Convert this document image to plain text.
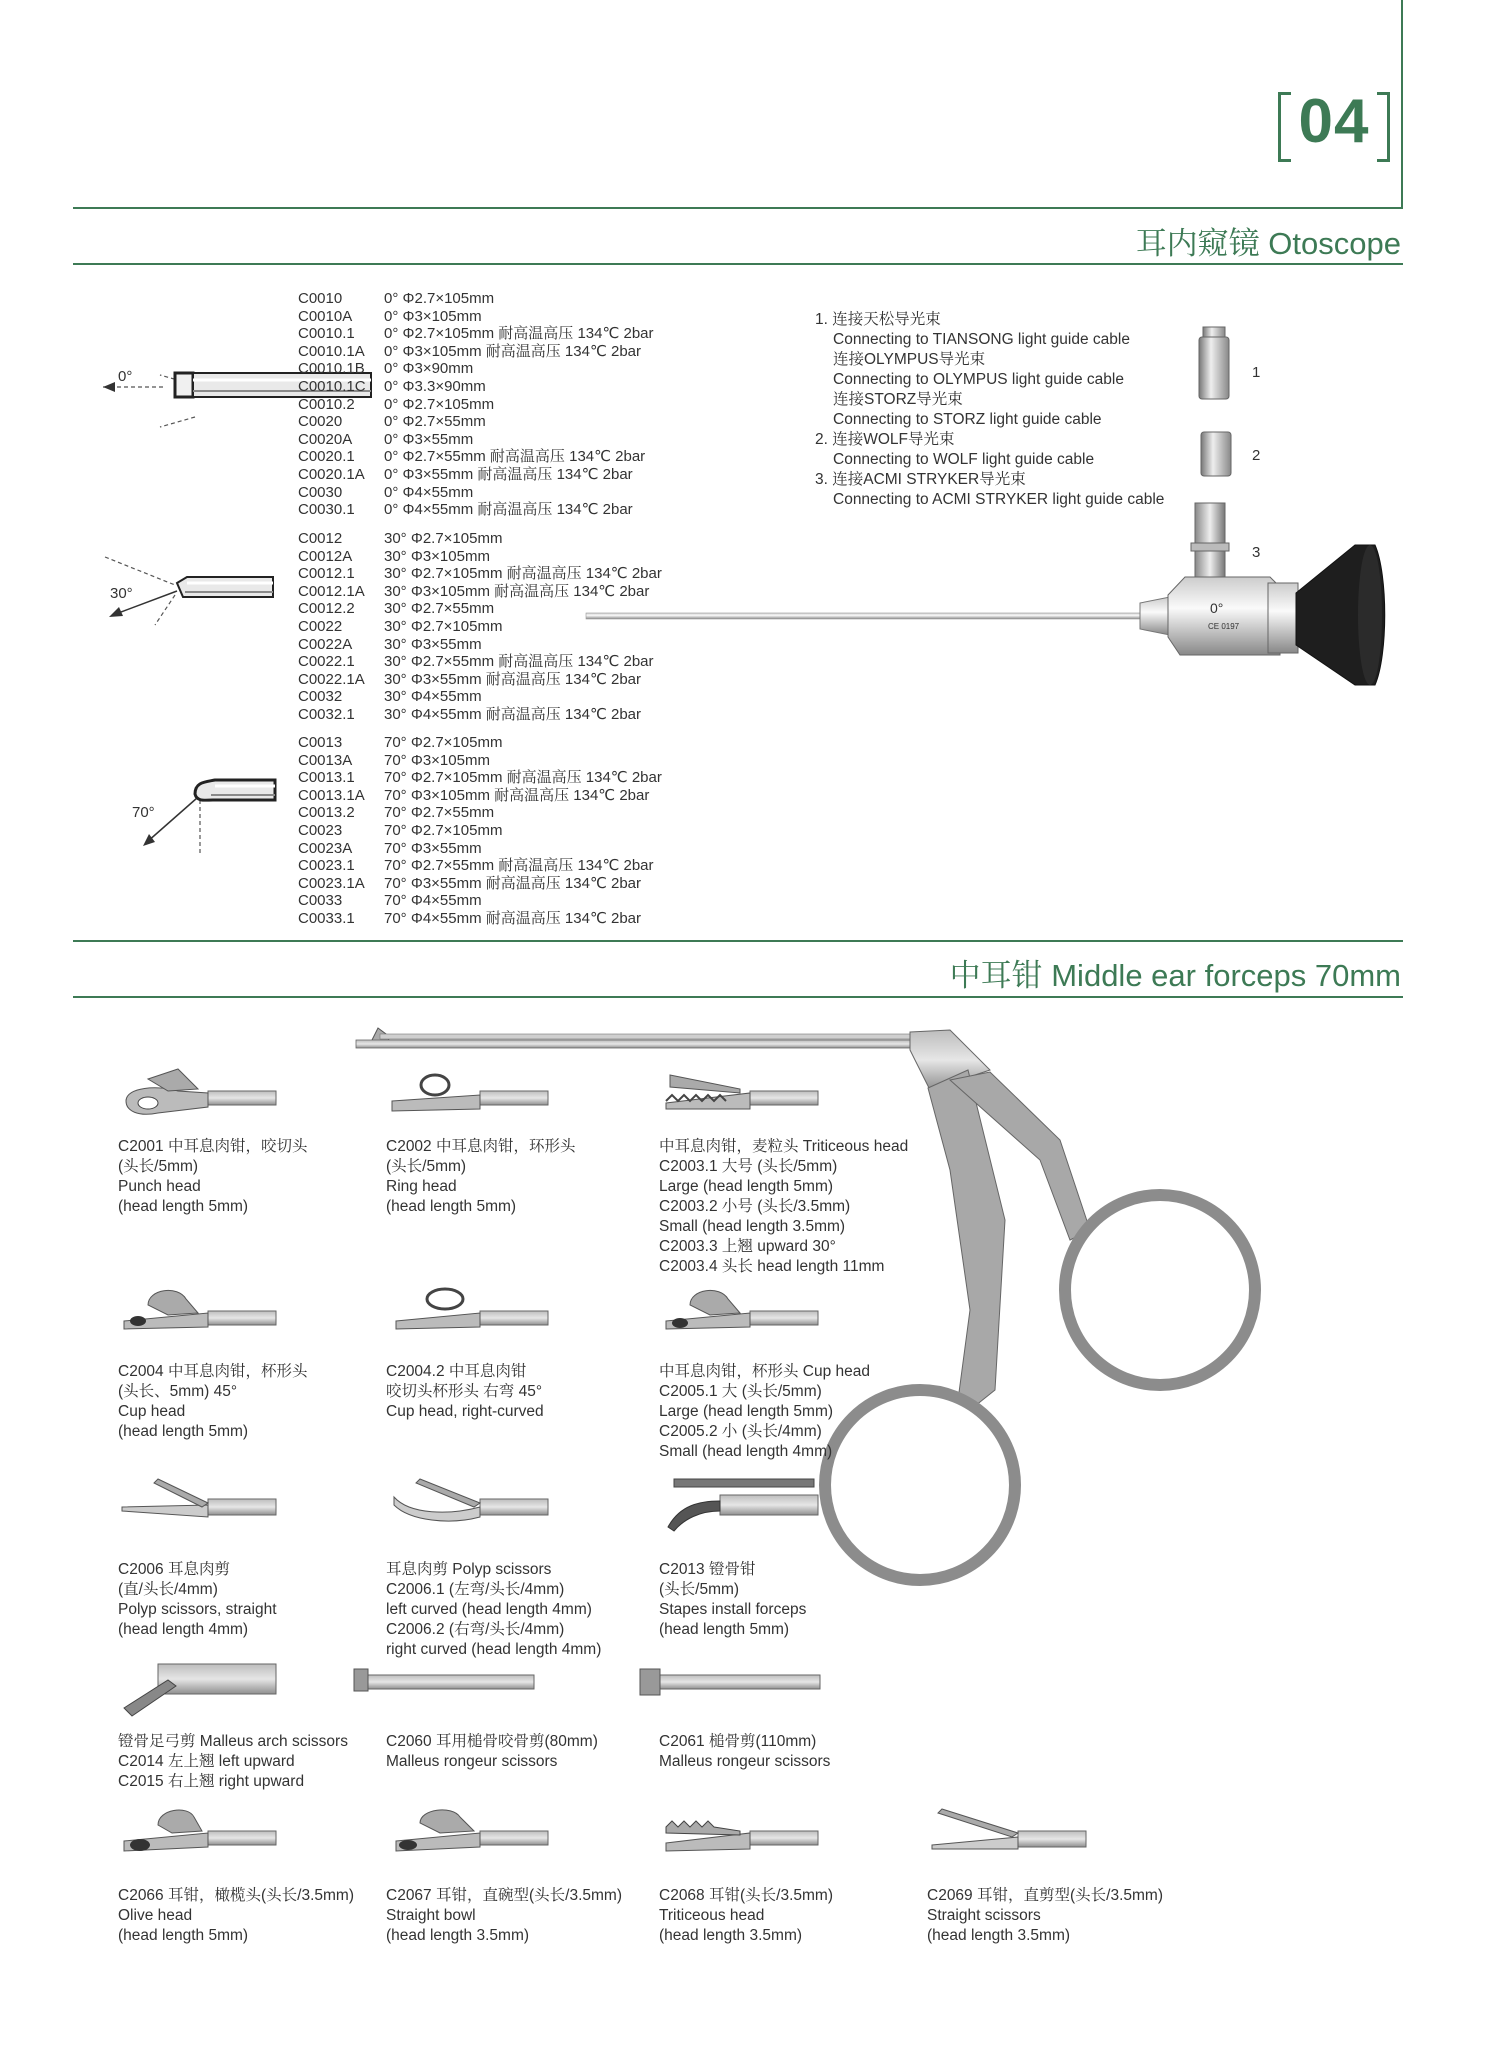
04
耳内窥镜 Otoscope
0°
30°
70°
C0010	0° Φ2.7×105mm
C0010A	0° Φ3×105mm
C0010.1	0° Φ2.7×105mm 耐高温高压 134℃ 2bar
C0010.1A	0° Φ3×105mm 耐高温高压 134℃ 2bar
C0010.1B	0° Φ3×90mm
C0010.1C	0° Φ3.3×90mm
C0010.2	0° Φ2.7×105mm
C0020	0° Φ2.7×55mm
C0020A	0° Φ3×55mm
C0020.1	0° Φ2.7×55mm 耐高温高压 134℃ 2bar
C0020.1A	0° Φ3×55mm 耐高温高压 134℃ 2bar
C0030	0° Φ4×55mm
C0030.1	0° Φ4×55mm 耐高温高压 134℃ 2bar
C0012	30° Φ2.7×105mm
C0012A	30° Φ3×105mm
C0012.1	30° Φ2.7×105mm 耐高温高压 134℃ 2bar
C0012.1A	30° Φ3×105mm 耐高温高压 134℃ 2bar
C0012.2	30° Φ2.7×55mm
C0022	30° Φ2.7×105mm
C0022A	30° Φ3×55mm
C0022.1	30° Φ2.7×55mm 耐高温高压 134℃ 2bar
C0022.1A	30° Φ3×55mm 耐高温高压 134℃ 2bar
C0032	30° Φ4×55mm
C0032.1	30° Φ4×55mm 耐高温高压 134℃ 2bar
C0013	70° Φ2.7×105mm
C0013A	70° Φ3×105mm
C0013.1	70° Φ2.7×105mm 耐高温高压 134℃ 2bar
C0013.1A	70° Φ3×105mm 耐高温高压 134℃ 2bar
C0013.2	70° Φ2.7×55mm
C0023	70° Φ2.7×105mm
C0023A	70° Φ3×55mm
C0023.1	70° Φ2.7×55mm 耐高温高压 134℃ 2bar
C0023.1A	70° Φ3×55mm 耐高温高压 134℃ 2bar
C0033	70° Φ4×55mm
C0033.1	70° Φ4×55mm 耐高温高压 134℃ 2bar
1. 连接天松导光束
Connecting to TIANSONG light guide cable
连接OLYMPUS导光束
Connecting to OLYMPUS light guide cable
连接STORZ导光束
Connecting to STORZ light guide cable
2. 连接WOLF导光束
Connecting to WOLF light guide cable
3. 连接ACMI STRYKER导光束
Connecting to ACMI STRYKER light guide cable
1
2
3
0°
CE 0197
中耳钳 Middle ear forceps 70mm
C2001 中耳息肉钳，咬切头
(头长/5mm)
Punch head
(head length 5mm)
C2002 中耳息肉钳，环形头
(头长/5mm)
Ring head
(head length 5mm)
中耳息肉钳，麦粒头 Triticeous head
C2003.1 大号 (头长/5mm)
Large (head length 5mm)
C2003.2 小号 (头长/3.5mm)
Small (head length 3.5mm)
C2003.3 上翘 upward 30°
C2003.4 头长 head length 11mm
C2004 中耳息肉钳，杯形头
(头长、5mm) 45°
Cup head
(head length 5mm)
C2004.2 中耳息肉钳
咬切头杯形头 右弯 45°
Cup head, right-curved
中耳息肉钳，杯形头 Cup head
C2005.1 大 (头长/5mm)
Large (head length 5mm)
C2005.2 小 (头长/4mm)
Small (head length 4mm)
C2006 耳息肉剪
(直/头长/4mm)
Polyp scissors, straight
(head length 4mm)
耳息肉剪 Polyp scissors
C2006.1 (左弯/头长/4mm)
left curved (head length 4mm)
C2006.2 (右弯/头长/4mm)
right curved (head length 4mm)
C2013 镫骨钳
(头长/5mm)
Stapes install forceps
(head length 5mm)
镫骨足弓剪 Malleus arch scissors
C2014 左上翘 left upward
C2015 右上翘 right upward
C2060 耳用槌骨咬骨剪(80mm)
Malleus rongeur scissors
C2061 槌骨剪(110mm)
Malleus rongeur scissors
C2066 耳钳，橄榄头(头长/3.5mm)
Olive head
(head length 5mm)
C2067 耳钳，直碗型(头长/3.5mm)
Straight bowl
(head length 3.5mm)
C2068 耳钳(头长/3.5mm)
Triticeous head
(head length 3.5mm)
C2069 耳钳，直剪型(头长/3.5mm)
Straight scissors
(head length 3.5mm)
